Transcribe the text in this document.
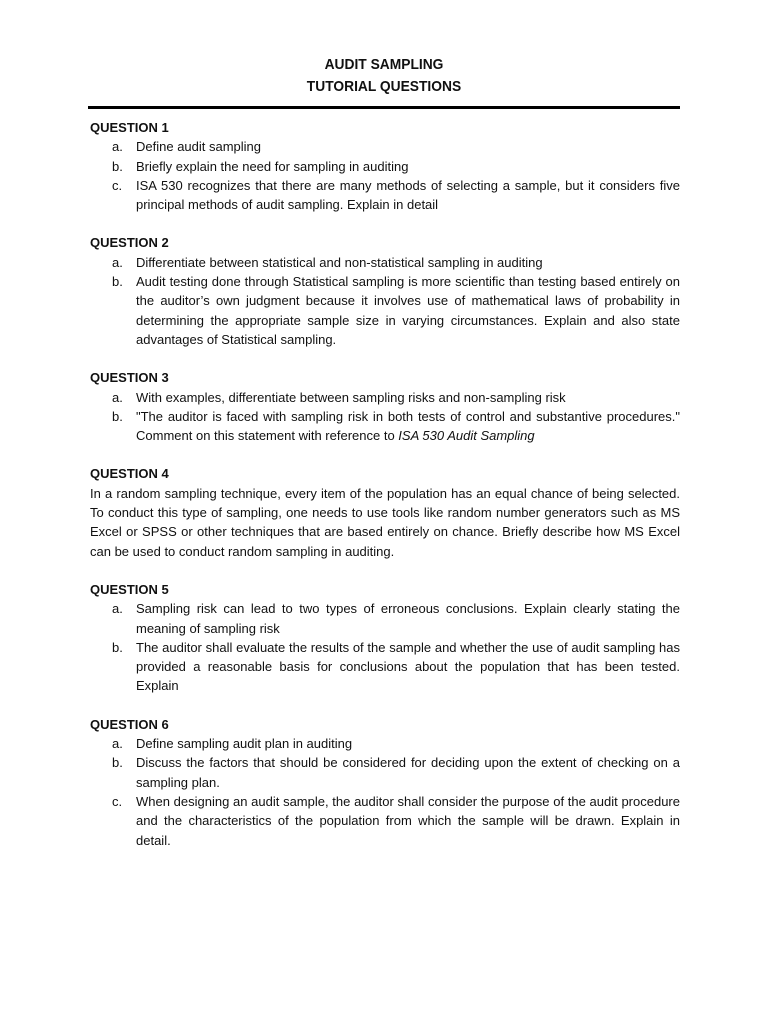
AUDIT SAMPLING
TUTORIAL QUESTIONS
QUESTION 1
a.	Define audit sampling
b.	Briefly explain the need for sampling in auditing
c.	ISA 530 recognizes that there are many methods of selecting a sample, but it considers five principal methods of audit sampling. Explain in detail
QUESTION 2
a.	Differentiate between statistical and non-statistical sampling in auditing
b.	Audit testing done through Statistical sampling is more scientific than testing based entirely on the auditor’s own judgment because it involves use of mathematical laws of probability in determining the appropriate sample size in varying circumstances. Explain and also state advantages of Statistical sampling.
QUESTION 3
a.	With examples, differentiate between sampling risks and non-sampling risk
b.	"The auditor is faced with sampling risk in both tests of control and substantive procedures." Comment on this statement with reference to ISA 530 Audit Sampling
QUESTION 4
In a random sampling technique, every item of the population has an equal chance of being selected. To conduct this type of sampling, one needs to use tools like random number generators such as MS Excel or SPSS or other techniques that are based entirely on chance. Briefly describe how MS Excel can be used to conduct random sampling in auditing.
QUESTION 5
a.	Sampling risk can lead to two types of erroneous conclusions. Explain clearly stating the meaning of sampling risk
b.	The auditor shall evaluate the results of the sample and whether the use of audit sampling has provided a reasonable basis for conclusions about the population that has been tested. Explain
QUESTION 6
a.	Define sampling audit plan in auditing
b.	Discuss the factors that should be considered for deciding upon the extent of checking on a sampling plan.
c.	When designing an audit sample, the auditor shall consider the purpose of the audit procedure and the characteristics of the population from which the sample will be drawn. Explain in detail.
